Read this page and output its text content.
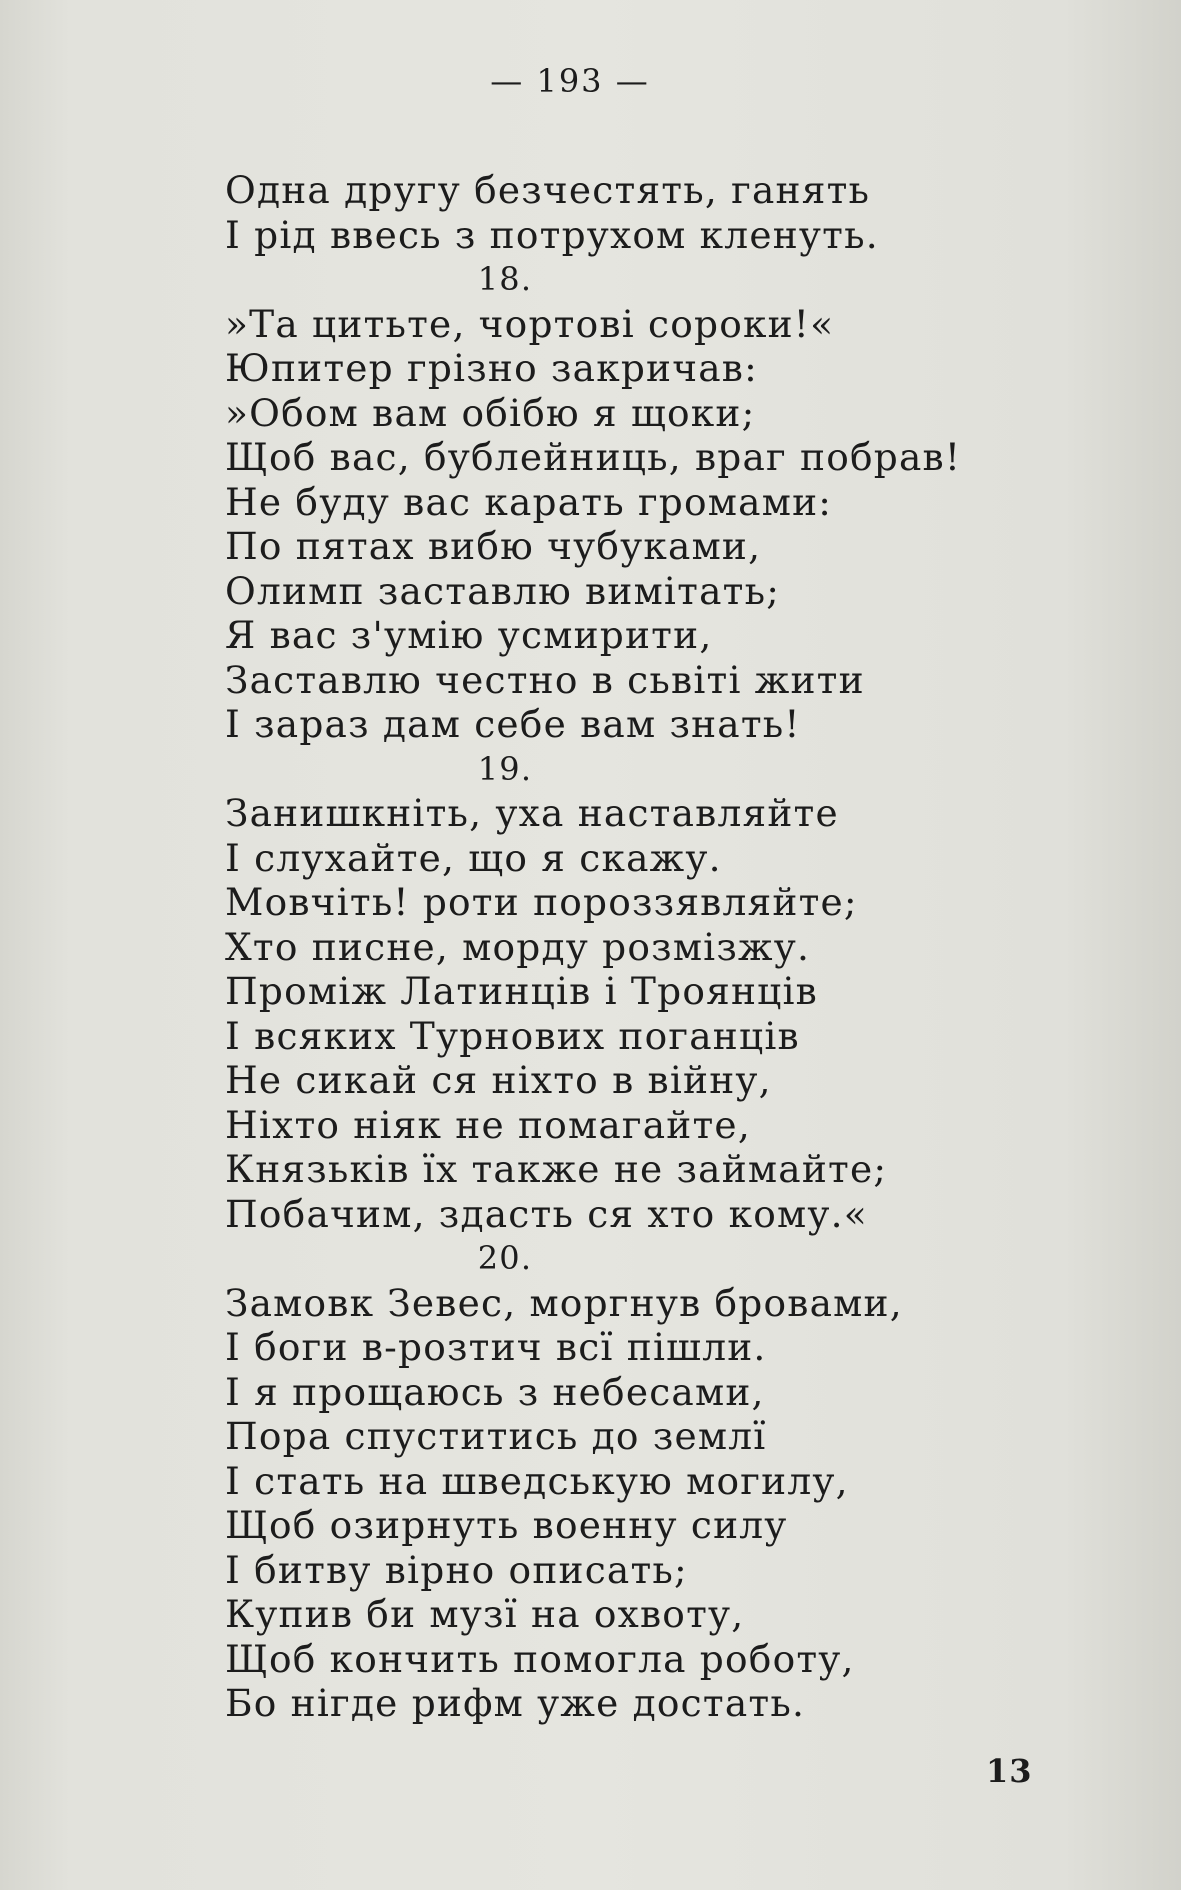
— 193 —
Одна другу безчестять, ганять
І рід ввесь з потрухом кленуть.
18.
»Та цитьте, чортові сороки!«
Юпитер грізно закричав:
»Обом вам обібю я щоки;
Щоб вас, бублейниць, враг побрав!
Не буду вас карать громами:
По пятах вибю чубуками,
Олимп заставлю вимітать;
Я вас з'умію усмирити,
Заставлю честно в сьвіті жити
І зараз дам себе вам знать!
19.
Занишкніть, уха наставляйте
І слухайте, що я скажу.
Мовчіть! роти пороззявляйте;
Хто писне, морду розмізжу.
Проміж Латинців і Троянців
І всяких Турнових поганців
Не сикай ся ніхто в війну,
Ніхто ніяк не помагайте,
Князьків їх также не займайте;
Побачим, здасть ся хто кому.«
20.
Замовк Зевес, моргнув бровами,
І боги в-розтич всї пішли.
І я прощаюсь з небесами,
Пора спуститись до землї
І стать на шведськую могилу,
Щоб озирнуть военну силу
І битву вірно описать;
Купив би музї на охвоту,
Щоб кончить помогла роботу,
Бо нігде рифм уже достать.
13
